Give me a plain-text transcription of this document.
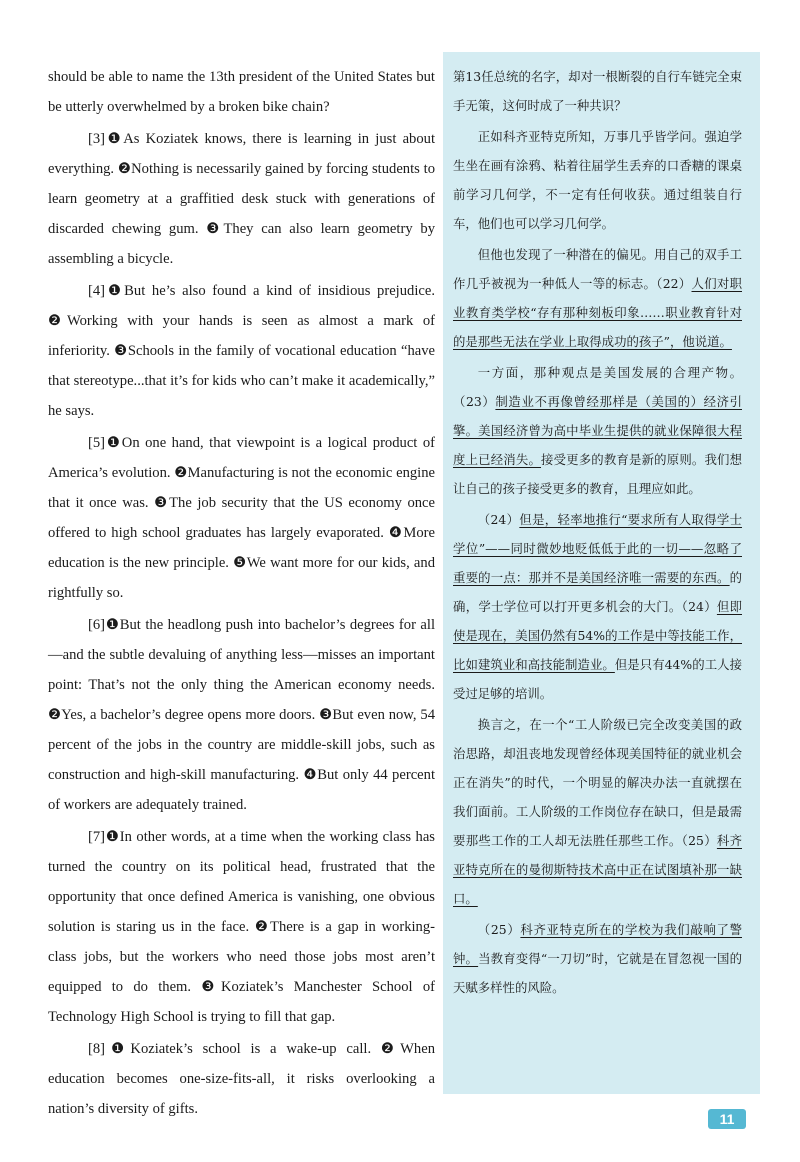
should be able to name the 13th president of the United States but be utterly overwhelmed by a broken bike chain?

[3]❶As Koziatek knows, there is learning in just about everything. ❷Nothing is necessarily gained by forcing students to learn geometry at a graffitied desk stuck with generations of discarded chewing gum. ❸They can also learn geometry by assembling a bicycle.

[4]❶But he’s also found a kind of insidious prejudice. ❷Working with your hands is seen as almost a mark of inferiority. ❸Schools in the family of vocational education “have that stereotype...that it’s for kids who can’t make it academically,” he says.

[5]❶On one hand, that viewpoint is a logical product of America’s evolution. ❷Manufacturing is not the economic engine that it once was. ❸The job security that the US economy once offered to high school graduates has largely evaporated. ❹More education is the new principle. ❺We want more for our kids, and rightfully so.

[6]❶But the headlong push into bachelor’s degrees for all—and the subtle devaluing of anything less—misses an important point: That’s not the only thing the American economy needs. ❷Yes, a bachelor’s degree opens more doors. ❸But even now, 54 percent of the jobs in the country are middle-skill jobs, such as construction and high-skill manufacturing. ❹But only 44 percent of workers are adequately trained.

[7]❶In other words, at a time when the working class has turned the country on its political head, frustrated that the opportunity that once defined America is vanishing, one obvious solution is staring us in the face. ❷There is a gap in working-class jobs, but the workers who need those jobs most aren’t equipped to do them. ❸Koziatek’s Manchester School of Technology High School is trying to fill that gap.

[8]❶Koziatek’s school is a wake-up call. ❷When education becomes one-size-fits-all, it risks overlooking a nation’s diversity of gifts.

第13任总统的名字，却对一根断裂的自行车链完全束手无策，这何时成了一种共识？

正如科齐亚特克所知，万事几乎皆学问。强迫学生坐在画有涂鸦、粘着往届学生丢弃的口香糖的课桌前学习几何学，不一定有任何收获。通过组装自行车，他们也可以学习几何学。

但他也发现了一种潜在的偏见。用自己的双手工作几乎被视为一种低人一等的标志。（22）人们对职业教育类学校“存有那种刻板印象……职业教育针对的是那些无法在学业上取得成功的孩子”，他说道。

一方面，那种观点是美国发展的合理产物。（23）制造业不再像曾经那样是（美国的）经济引擎。美国经济曾为高中毕业生提供的就业保障很大程度上已经消失。接受更多的教育是新的原则。我们想让自己的孩子接受更多的教育，且理应如此。

（24）但是，轻率地推行“要求所有人取得学士学位”——同时微妙地贬低低于此的一切——忽略了重要的一点：那并不是美国经济唯一需要的东西。的确，学士学位可以打开更多机会的大门。（24）但即使是现在，美国仍然有54%的工作是中等技能工作，比如建筑业和高技能制造业。但是只有44%的工人接受过足够的培训。

换言之，在一个“工人阶级已完全改变美国的政治思路，却沮丧地发现曾经体现美国特征的就业机会正在消失”的时代，一个明显的解决办法一直就摆在我们面前。工人阶级的工作岗位存在缺口，但是最需要那些工作的工人却无法胜任那些工作。（25）科齐亚特克所在的曼彻斯特技术高中正在试图填补那一缺口。

（25）科齐亚特克所在的学校为我们敲响了警钟。当教育变得“一刀切”时，它就是在冒忽视一国的天赋多样性的风险。

11
